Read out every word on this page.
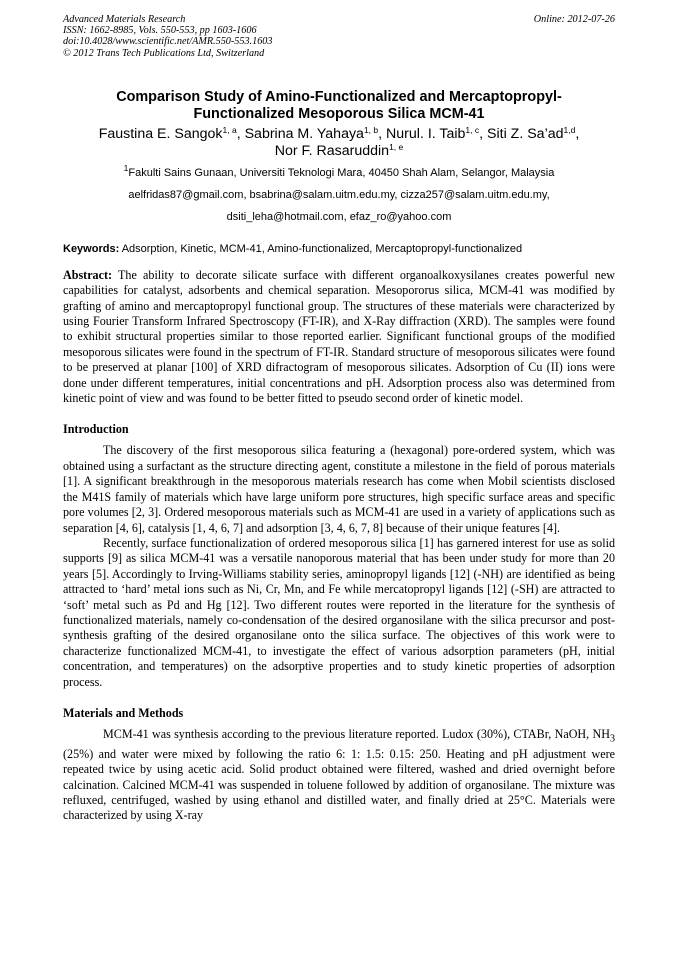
Advanced Materials Research
ISSN: 1662-8985, Vols. 550-553, pp 1603-1606
doi:10.4028/www.scientific.net/AMR.550-553.1603
© 2012 Trans Tech Publications Ltd, Switzerland
Online: 2012-07-26
Comparison Study of Amino-Functionalized and Mercaptopropyl-
Functionalized Mesoporous Silica MCM-41
Faustina E. Sangok$^{1, a}$, Sabrina M. Yahaya$^{1, b}$, Nurul. I. Taib$^{1, c}$, Siti Z. Sa’ad$^{1,d}$,
Nor F. Rasaruddin$^{1, e}$
$^1$Fakulti Sains Gunaan, Universiti Teknologi Mara, 40450 Shah Alam, Selangor, Malaysia
aelfridas87@gmail.com, bsabrina@salam.uitm.edu.my, cizza257@salam.uitm.edu.my,
dsiti_leha@hotmail.com, efaz_ro@yahoo.com
Keywords: Adsorption, Kinetic, MCM-41, Amino-functionalized, Mercaptopropyl-functionalized
Abstract: The ability to decorate silicate surface with different organoalkoxysilanes creates powerful new capabilities for catalyst, adsorbents and chemical separation. Mesopororus silica, MCM-41 was modified by grafting of amino and mercaptopropyl functional group. The structures of these materials were characterized by using Fourier Transform Infrared Spectroscopy (FT-IR), and X-Ray diffraction (XRD). The samples were found to exhibit structural properties similar to those reported earlier. Significant functional groups of the modified mesoporous silicates were found in the spectrum of FT-IR. Standard structure of mesoporous silicates were found to be preserved at planar [100] of XRD difractogram of mesoporous silicates. Adsorption of Cu (II) ions were done under different temperatures, initial concentrations and pH. Adsorption process also was determined from kinetic point of view and was found to be better fitted to pseudo second order of kinetic model.
Introduction

The discovery of the first mesoporous silica featuring a (hexagonal) pore-ordered system, which was obtained using a surfactant as the structure directing agent, constitute a milestone in the field of porous materials [1]. A significant breakthrough in the mesoporous materials research has come when Mobil scientists disclosed the M41S family of materials which have large uniform pore structures, high specific surface areas and specific pore volumes [2, 3]. Ordered mesoporous materials such as MCM-41 are used in a variety of applications such as separation [4, 6], catalysis [1, 4, 6, 7] and adsorption [3, 4, 6, 7, 8] because of their unique features [4].

Recently, surface functionalization of ordered mesoporous silica [1] has garnered interest for use as solid supports [9] as silica MCM-41 was a versatile nanoporous material that has been under study for more than 20 years [5]. Accordingly to Irving-Williams stability series, aminopropyl ligands [12] (-NH) are identified as being attracted to ‘hard’ metal ions such as Ni, Cr, Mn, and Fe while mercatopropyl ligands [12] (-SH) are attracted to ‘soft’ metal such as Pd and Hg [12]. Two different routes were reported in the literature for the synthesis of functionalized materials, namely co-condensation of the desired organosilane with the silica precursor and post-synthesis grafting of the desired organosilane onto the silica surface. The objectives of this work were to characterize functionalized MCM-41, to investigate the effect of various adsorption parameters (pH, initial concentration, and temperatures) on the adsorptive properties and to study kinetic properties of adsorption process.

Materials and Methods

MCM-41 was synthesis according to the previous literature reported. Ludox (30%), CTABr, NaOH, $NH_3$ (25%) and water were mixed by following the ratio 6: 1: 1.5: 0.15: 250. Heating and pH adjustment were repeated twice by using acetic acid. Solid product obtained were filtered, washed and dried overnight before calcination. Calcined MCM-41 was suspended in toluene followed by addition of organosilane. The mixture was refluxed, centrifuged, washed by using ethanol and distilled water, and finally dried at 25°C. Materials were characterized by using X-ray
